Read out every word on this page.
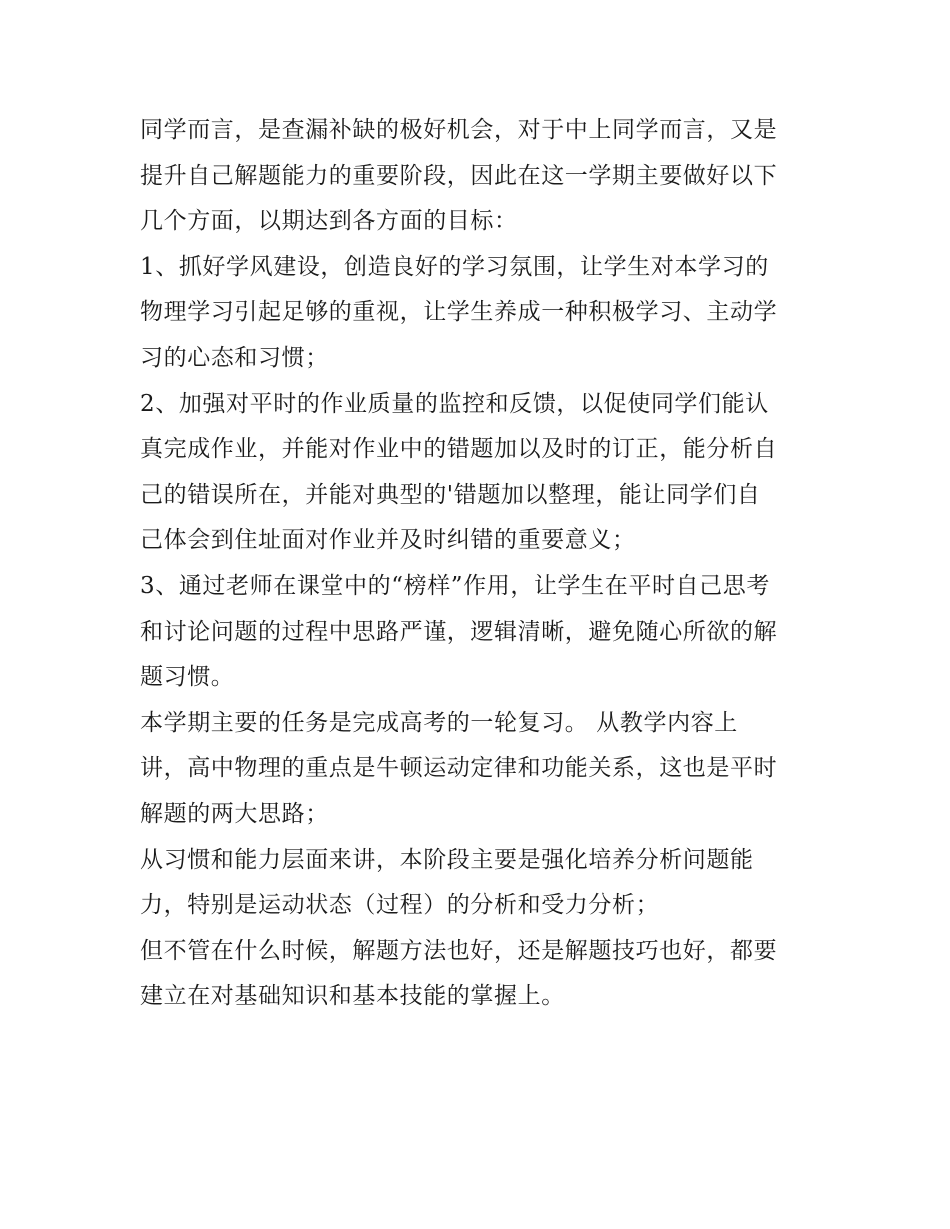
同学而言，是查漏补缺的极好机会，对于中上同学而言，又是
提升自己解题能力的重要阶段，因此在这一学期主要做好以下
几个方面，以期达到各方面的目标：
1、抓好学风建设，创造良好的学习氛围，让学生对本学习的
物理学习引起足够的重视，让学生养成一种积极学习、主动学
习的心态和习惯；
2、加强对平时的作业质量的监控和反馈，以促使同学们能认
真完成作业，并能对作业中的错题加以及时的订正，能分析自
己的错误所在，并能对典型的'错题加以整理，能让同学们自
己体会到住址面对作业并及时纠错的重要意义；
3、通过老师在课堂中的“榜样”作用，让学生在平时自己思考
和讨论问题的过程中思路严谨，逻辑清晰，避免随心所欲的解
题习惯。
本学期主要的任务是完成高考的一轮复习。 从教学内容上
讲，高中物理的重点是牛顿运动定律和功能关系，这也是平时
解题的两大思路；
从习惯和能力层面来讲，本阶段主要是强化培养分析问题能
力，特别是运动状态（过程）的分析和受力分析；
但不管在什么时候，解题方法也好，还是解题技巧也好，都要
建立在对基础知识和基本技能的掌握上。
